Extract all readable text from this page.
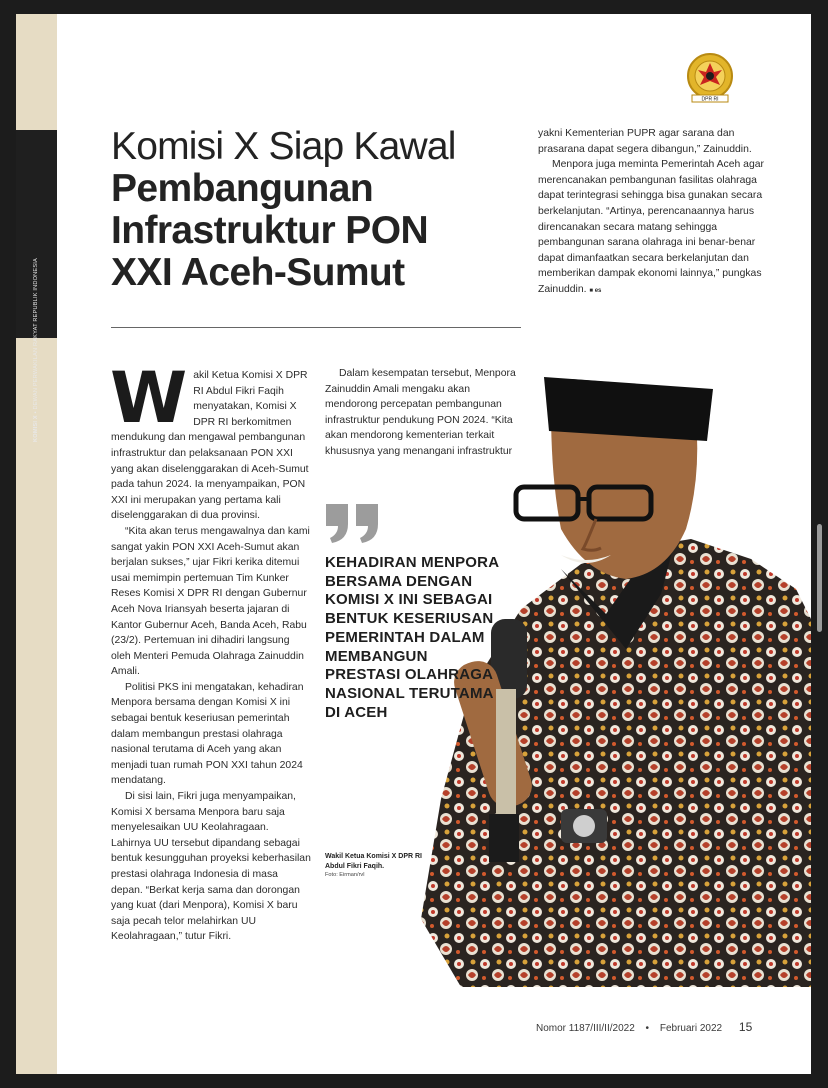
KOMISI X • DEWAN PERWAKILAN RAKYAT REPUBLIK INDONESIA
DPR RI
Komisi X Siap Kawal
Pembangunan
Infrastruktur PON
XXI Aceh-Sumut
W akil Ketua Komisi X DPR RI Abdul Fikri Faqih menyatakan, Komisi X DPR RI berkomitmen mendukung dan mengawal pembangunan infrastruktur dan pelaksanaan PON XXI yang akan diselenggarakan di Aceh-Sumut pada tahun 2024. Ia menyampaikan, PON XXI ini merupakan yang pertama kali diselenggarakan di dua provinsi.

“Kita akan terus mengawalnya dan kami sangat yakin PON XXI Aceh-Sumut akan berjalan sukses,” ujar Fikri kerika ditemui usai memimpin pertemuan Tim Kunker Reses Komisi X DPR RI dengan Gubernur Aceh Nova Iriansyah beserta jajaran di Kantor Gubernur Aceh, Banda Aceh, Rabu (23/2). Pertemuan ini dihadiri langsung oleh Menteri Pemuda Olahraga Zainuddin Amali.

Politisi PKS ini mengatakan, kehadiran Menpora bersama dengan Komisi X ini sebagai bentuk keseriusan pemerintah dalam membangun prestasi olahraga nasional terutama di Aceh yang akan menjadi tuan rumah PON XXI tahun 2024 mendatang.

Di sisi lain, Fikri juga menyampaikan, Komisi X bersama Menpora baru saja menyelesaikan UU Keolahragaan. Lahirnya UU tersebut dipandang sebagai bentuk kesungguhan proyeksi keberhasilan prestasi olahraga Indonesia di masa depan. “Berkat kerja sama dan dorongan yang kuat (dari Menpora), Komisi X baru saja pecah telor melahirkan UU Keolahragaan,” tutur Fikri.

Dalam kesempatan tersebut, Menpora Zainuddin Amali mengaku akan mendorong percepatan pembangunan infrastruktur pendukung PON 2024. “Kita akan mendorong kementerian terkait khususnya yang menangani infrastruktur

yakni Kementerian PUPR agar sarana dan prasarana dapat segera dibangun,” Zainuddin.

Menpora juga meminta Pemerintah Aceh agar merencanakan pembangunan fasilitas olahraga dapat terintegrasi sehingga bisa gunakan secara berkelanjutan. “Artinya, perencanaannya harus direncanakan secara matang sehingga pembangunan sarana olahraga ini benar-benar dapat dimanfaatkan secara berkelanjutan dan memberikan dampak ekonomi lainnya,” pungkas Zainuddin. ■ es

KEHADIRAN MENPORA BERSAMA DENGAN KOMISI X INI SEBAGAI BENTUK KESERIUSAN PEMERINTAH DALAM MEMBANGUN PRESTASI OLAHRAGA NASIONAL TERUTAMA DI ACEH
Wakil Ketua Komisi X DPR RI Abdul Fikri Faqih.
Foto: Eirman/rvl
Nomor 1187/III/II/2022 • Februari 2022 15
